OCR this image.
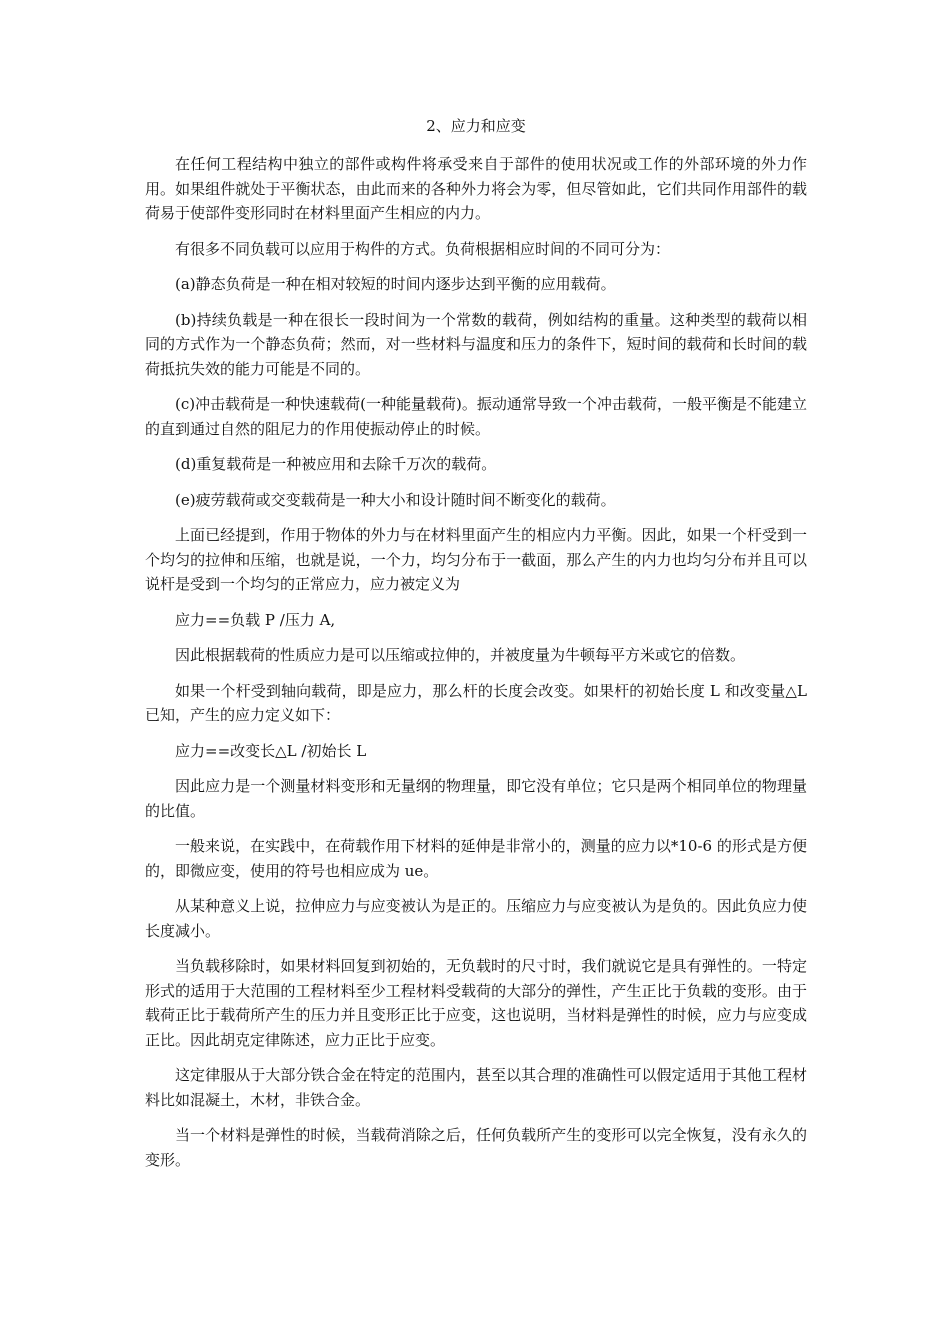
2、应力和应变

在任何工程结构中独立的部件或构件将承受来自于部件的使用状况或工作的外部环境的外力作用。如果组件就处于平衡状态，由此而来的各种外力将会为零，但尽管如此，它们共同作用部件的载荷易于使部件变形同时在材料里面产生相应的内力。

有很多不同负载可以应用于构件的方式。负荷根据相应时间的不同可分为：

(a)静态负荷是一种在相对较短的时间内逐步达到平衡的应用载荷。

(b)持续负载是一种在很长一段时间为一个常数的载荷，例如结构的重量。这种类型的载荷以相同的方式作为一个静态负荷；然而，对一些材料与温度和压力的条件下，短时间的载荷和长时间的载荷抵抗失效的能力可能是不同的。

(c)冲击载荷是一种快速载荷(一种能量载荷)。振动通常导致一个冲击载荷，一般平衡是不能建立的直到通过自然的阻尼力的作用使振动停止的时候。

(d)重复载荷是一种被应用和去除千万次的载荷。

(e)疲劳载荷或交变载荷是一种大小和设计随时间不断变化的载荷。

上面已经提到，作用于物体的外力与在材料里面产生的相应内力平衡。因此，如果一个杆受到一个均匀的拉伸和压缩，也就是说，一个力，均匀分布于一截面，那么产生的内力也均匀分布并且可以说杆是受到一个均匀的正常应力，应力被定义为

应力==负载 P /压力 A,

因此根据载荷的性质应力是可以压缩或拉伸的，并被度量为牛顿每平方米或它的倍数。

如果一个杆受到轴向载荷，即是应力，那么杆的长度会改变。如果杆的初始长度 L 和改变量△L 已知，产生的应力定义如下：

应力==改变长△L /初始长 L

因此应力是一个测量材料变形和无量纲的物理量，即它没有单位；它只是两个相同单位的物理量的比值。

一般来说，在实践中，在荷载作用下材料的延伸是非常小的，测量的应力以*10-6 的形式是方便的，即微应变，使用的符号也相应成为 ue。

从某种意义上说，拉伸应力与应变被认为是正的。压缩应力与应变被认为是负的。因此负应力使长度减小。

当负载移除时，如果材料回复到初始的，无负载时的尺寸时，我们就说它是具有弹性的。一特定形式的适用于大范围的工程材料至少工程材料受载荷的大部分的弹性，产生正比于负载的变形。由于载荷正比于载荷所产生的压力并且变形正比于应变，这也说明，当材料是弹性的时候，应力与应变成正比。因此胡克定律陈述，应力正比于应变。

这定律服从于大部分铁合金在特定的范围内，甚至以其合理的准确性可以假定适用于其他工程材料比如混凝土，木材，非铁合金。

当一个材料是弹性的时候，当载荷消除之后，任何负载所产生的变形可以完全恢复，没有永久的变形。
